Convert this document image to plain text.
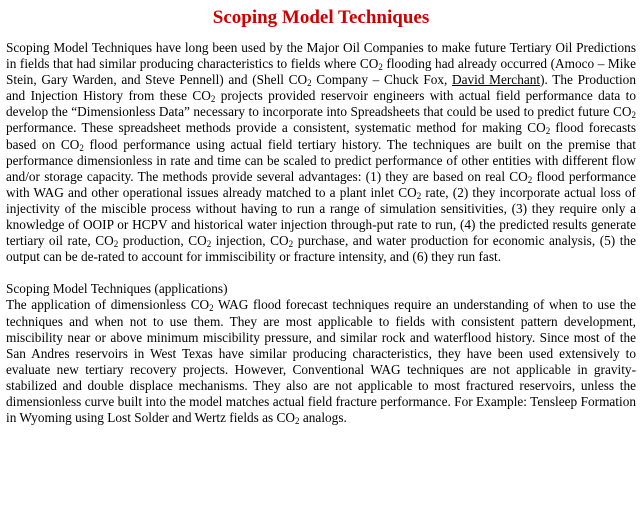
Scoping Model Techniques

Scoping Model Techniques have long been used by the Major Oil Companies to make future Tertiary Oil Predictions in fields that had similar producing characteristics to fields where $CO_2$ flooding had already occurred (Amoco – Mike Stein, Gary Warden, and Steve Pennell) and (Shell $CO_2$ Company – Chuck Fox, David Merchant). The Production and Injection History from these $CO_2$ projects provided reservoir engineers with actual field performance data to develop the “Dimensionless Data” necessary to incorporate into Spreadsheets that could be used to predict future $CO_2$ performance. These spreadsheet methods provide a consistent, systematic method for making $CO_2$ flood forecasts based on $CO_2$ flood performance using actual field tertiary history. The techniques are built on the premise that performance dimensionless in rate and time can be scaled to predict performance of other entities with different flow and/or storage capacity. The methods provide several advantages: (1) they are based on real $CO_2$ flood performance with WAG and other operational issues already matched to a plant inlet $CO_2$ rate, (2) they incorporate actual loss of injectivity of the miscible process without having to run a range of simulation sensitivities, (3) they require only a knowledge of OOIP or HCPV and historical water injection through-put rate to run, (4) the predicted results generate tertiary oil rate, $CO_2$ production, $CO_2$ injection, $CO_2$ purchase, and water production for economic analysis, (5) the output can be de-rated to account for immiscibility or fracture intensity, and (6) they run fast.

Scoping Model Techniques (applications)

The application of dimensionless $CO_2$ WAG flood forecast techniques require an understanding of when to use the techniques and when not to use them. They are most applicable to fields with consistent pattern development, miscibility near or above minimum miscibility pressure, and similar rock and waterflood history. Since most of the San Andres reservoirs in West Texas have similar producing characteristics, they have been used extensively to evaluate new tertiary recovery projects. However, Conventional WAG techniques are not applicable in gravity-stabilized and double displace mechanisms. They also are not applicable to most fractured reservoirs, unless the dimensionless curve built into the model matches actual field fracture performance. For Example: Tensleep Formation in Wyoming using Lost Solder and Wertz fields as $CO_2$ analogs.
